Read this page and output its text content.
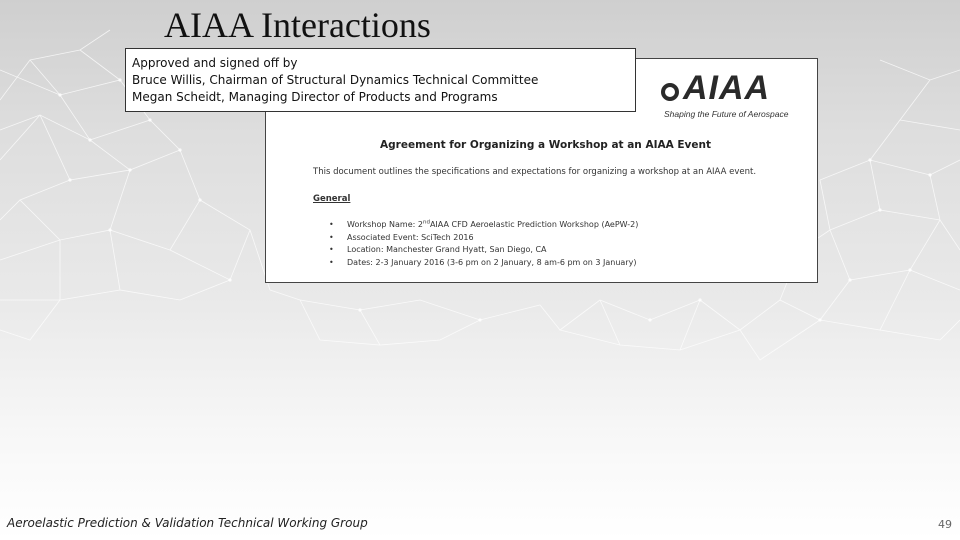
AIAA Interactions
AIAA
Shaping the Future of Aerospace
Agreement for Organizing a Workshop at an AIAA Event
This document outlines the specifications and expectations for organizing a workshop at an AIAA event.
General
• Workshop Name: 2ndAIAA CFD Aeroelastic Prediction Workshop (AePW-2)
• Associated Event: SciTech 2016
• Location: Manchester Grand Hyatt, San Diego, CA
• Dates: 2-3 January 2016 (3-6 pm on 2 January, 8 am-6 pm on 3 January)
Approved and signed off by
Bruce Willis, Chairman of Structural Dynamics Technical Committee
Megan Scheidt, Managing Director of Products and Programs
Aeroelastic Prediction & Validation Technical Working Group	49
